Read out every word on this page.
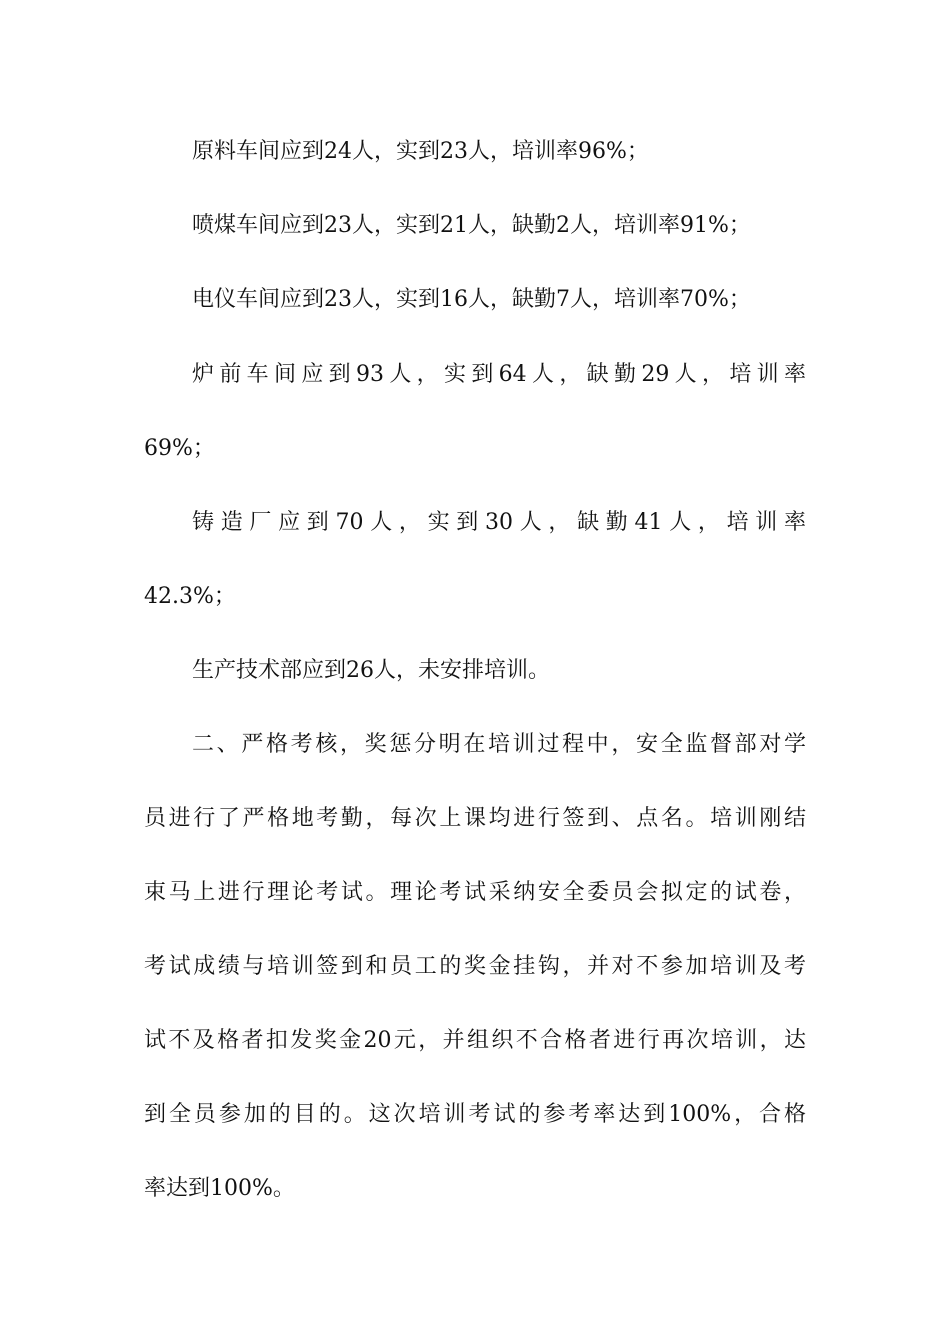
原料车间应到24人，实到23人，培训率96%；
喷煤车间应到23人，实到21人，缺勤2人，培训率91%；
电仪车间应到23人，实到16人，缺勤7人，培训率70%；
炉前车间应到93人，实到64人，缺勤29人，培训率
69%；
铸造厂应到70人，实到30人，缺勤41人，培训率
42.3%；
生产技术部应到26人，未安排培训。
二、严格考核，奖惩分明在培训过程中，安全监督部对学
员进行了严格地考勤，每次上课均进行签到、点名。培训刚结
束马上进行理论考试。理论考试采纳安全委员会拟定的试卷，
考试成绩与培训签到和员工的奖金挂钩，并对不参加培训及考
试不及格者扣发奖金20元，并组织不合格者进行再次培训，达
到全员参加的目的。这次培训考试的参考率达到100%，合格
率达到100%。
